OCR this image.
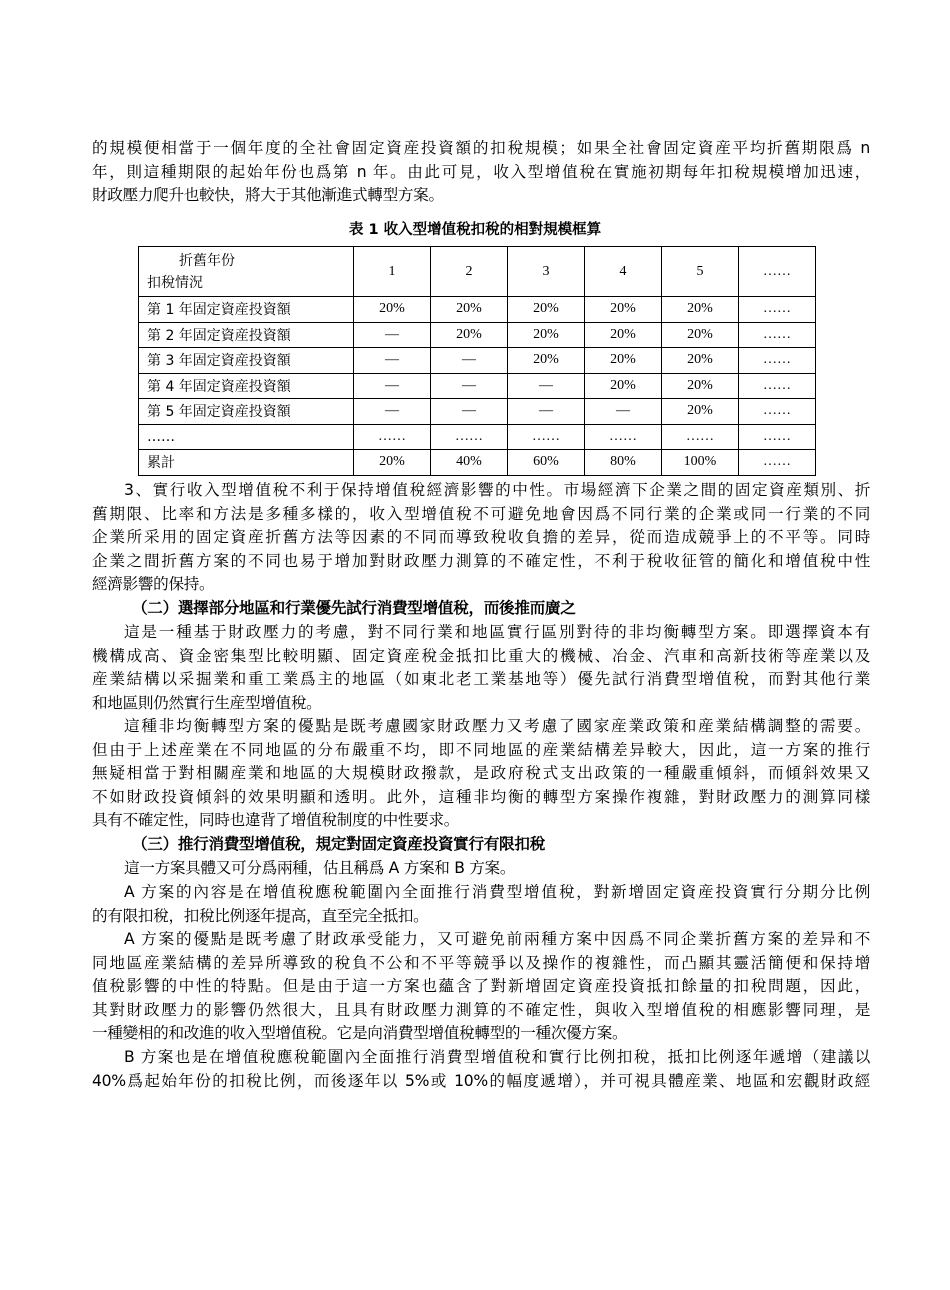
的規模便相當于一個年度的全社會固定資産投資額的扣稅規模；如果全社會固定資産平均折舊期限爲 n
年，則這種期限的起始年份也爲第 n 年。由此可見，收入型增值稅在實施初期每年扣稅規模增加迅速，
財政壓力爬升也較快，將大于其他漸進式轉型方案。
表 1 收入型增值稅扣稅的相對規模框算
折舊年份
扣稅情況	1	2	3	4	5	……
第 1 年固定資産投資額	20%	20%	20%	20%	20%	……
第 2 年固定資産投資額	—	20%	20%	20%	20%	……
第 3 年固定資産投資額	—	—	20%	20%	20%	……
第 4 年固定資産投資額	—	—	—	20%	20%	……
第 5 年固定資産投資額	—	—	—	—	20%	……
……	……	……	……	……	……	……
累計	20%	40%	60%	80%	100%	……
3、實行收入型增值稅不利于保持增值稅經濟影響的中性。市場經濟下企業之間的固定資産類別、折
舊期限、比率和方法是多種多樣的，收入型增值稅不可避免地會因爲不同行業的企業或同一行業的不同
企業所采用的固定資産折舊方法等因素的不同而導致稅收負擔的差异，從而造成競爭上的不平等。同時
企業之間折舊方案的不同也易于增加對財政壓力測算的不確定性，不利于稅收征管的簡化和增值稅中性
經濟影響的保持。
（二）選擇部分地區和行業優先試行消費型增值稅，而後推而廣之
這是一種基于財政壓力的考慮，對不同行業和地區實行區別對待的非均衡轉型方案。即選擇資本有
機構成高、資金密集型比較明顯、固定資産稅金抵扣比重大的機械、冶金、汽車和高新技術等産業以及
産業結構以采掘業和重工業爲主的地區（如東北老工業基地等）優先試行消費型增值稅，而對其他行業
和地區則仍然實行生産型增值稅。
這種非均衡轉型方案的優點是既考慮國家財政壓力又考慮了國家産業政策和産業結構調整的需要。
但由于上述産業在不同地區的分布嚴重不均，即不同地區的産業結構差异較大，因此，這一方案的推行
無疑相當于對相關産業和地區的大規模財政撥款，是政府稅式支出政策的一種嚴重傾斜，而傾斜效果又
不如財政投資傾斜的效果明顯和透明。此外，這種非均衡的轉型方案操作複雜，對財政壓力的測算同樣
具有不確定性，同時也違背了增值稅制度的中性要求。
（三）推行消費型增值稅，規定對固定資産投資實行有限扣稅
這一方案具體又可分爲兩種，估且稱爲 A 方案和 B 方案。
A 方案的內容是在增值稅應稅範圍內全面推行消費型增值稅，對新增固定資産投資實行分期分比例
的有限扣稅，扣稅比例逐年提高，直至完全抵扣。
A 方案的優點是既考慮了財政承受能力，又可避免前兩種方案中因爲不同企業折舊方案的差异和不
同地區産業結構的差异所導致的稅負不公和不平等競爭以及操作的複雜性，而凸顯其靈活簡便和保持增
值稅影響的中性的特點。但是由于這一方案也蘊含了對新增固定資産投資抵扣餘量的扣稅問題，因此，
其對財政壓力的影響仍然很大，且具有財政壓力測算的不確定性，與收入型增值稅的相應影響同理，是
一種變相的和改進的收入型增值稅。它是向消費型增值稅轉型的一種次優方案。
B 方案也是在增值稅應稅範圍內全面推行消費型增值稅和實行比例扣稅，抵扣比例逐年遞增（建議以
40%爲起始年份的扣稅比例，而後逐年以 5%或 10%的幅度遞增），并可視具體産業、地區和宏觀財政經
